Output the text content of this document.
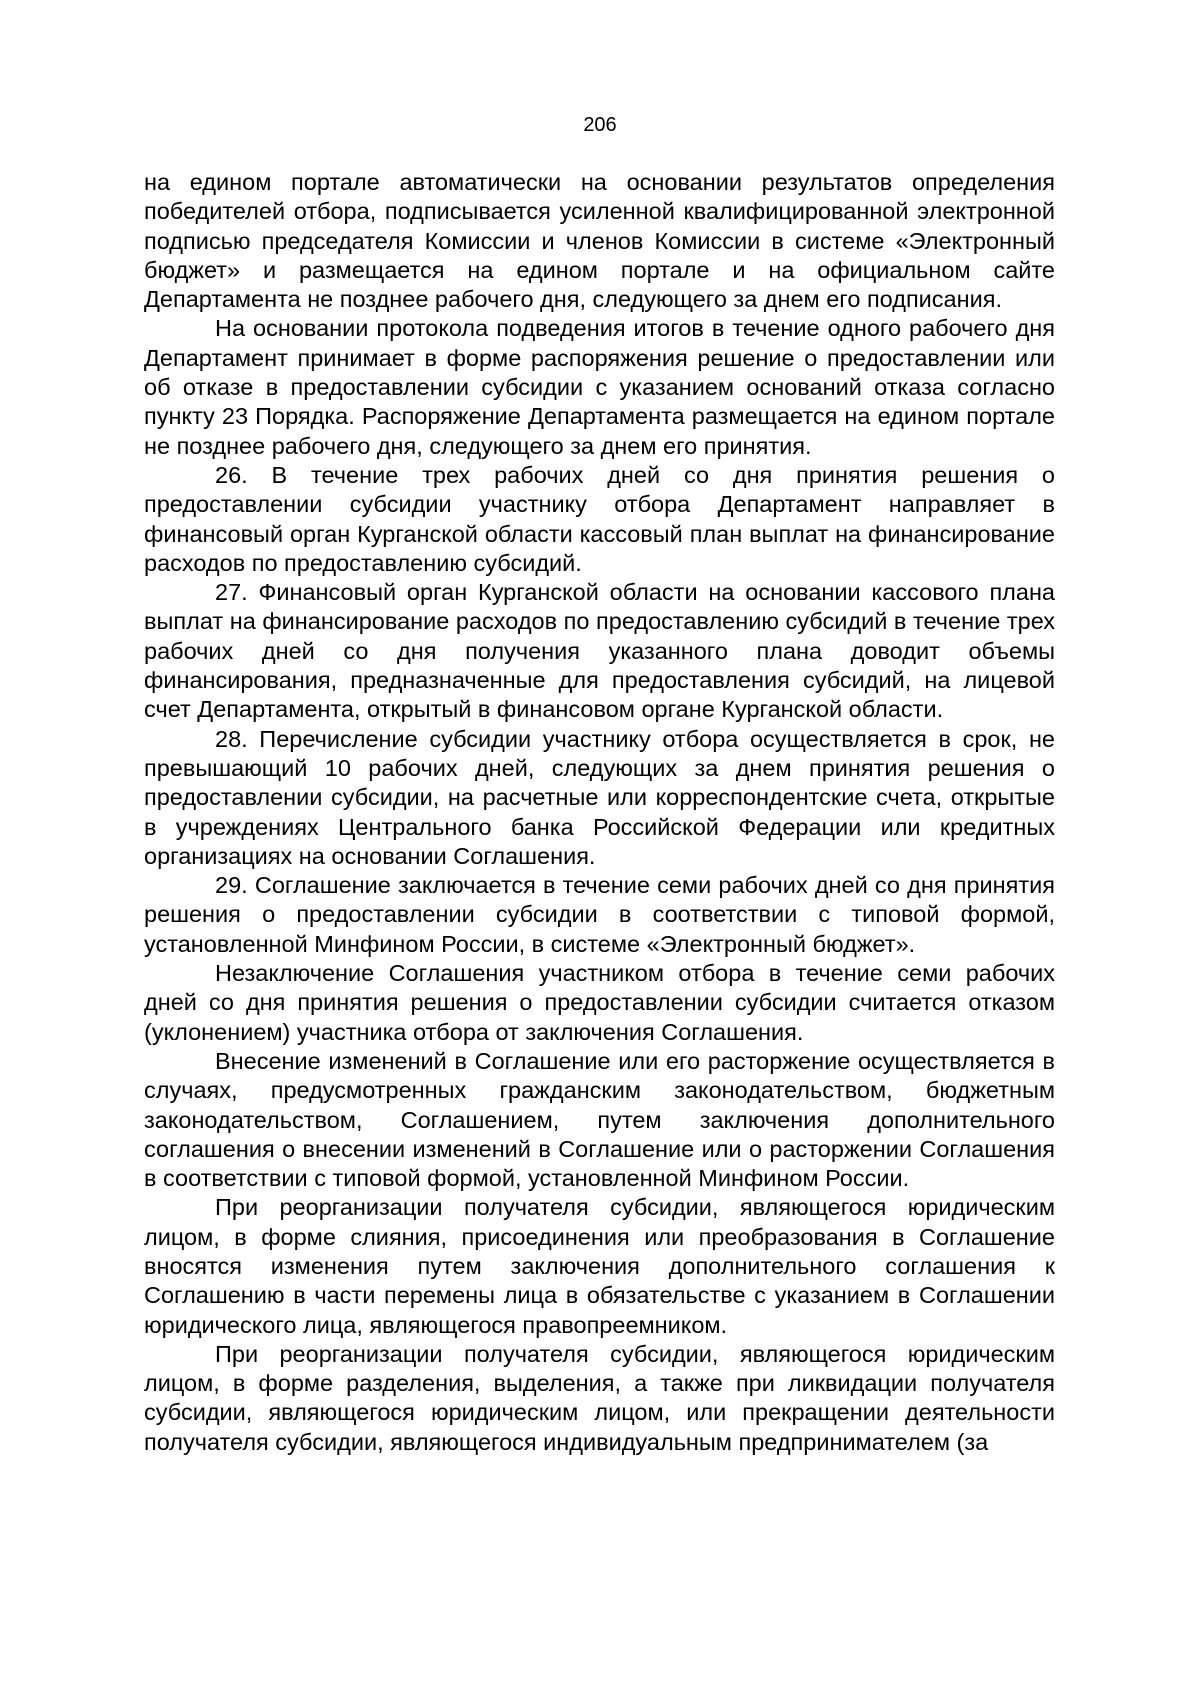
206

на едином портале автоматически на основании результатов определения победителей отбора, подписывается усиленной квалифицированной электронной подписью председателя Комиссии и членов Комиссии в системе «Электронный бюджет» и размещается на едином портале и на официальном сайте Департамента не позднее рабочего дня, следующего за днем его подписания.

На основании протокола подведения итогов в течение одного рабочего дня Департамент принимает в форме распоряжения решение о предоставлении или об отказе в предоставлении субсидии с указанием оснований отказа согласно пункту 23 Порядка. Распоряжение Департамента размещается на едином портале не позднее рабочего дня, следующего за днем его принятия.

26. В течение трех рабочих дней со дня принятия решения о предоставлении субсидии участнику отбора Департамент направляет в финансовый орган Курганской области кассовый план выплат на финансирование расходов по предоставлению субсидий.

27. Финансовый орган Курганской области на основании кассового плана выплат на финансирование расходов по предоставлению субсидий в течение трех рабочих дней со дня получения указанного плана доводит объемы финансирования, предназначенные для предоставления субсидий, на лицевой счет Департамента, открытый в финансовом органе Курганской области.

28. Перечисление субсидии участнику отбора осуществляется в срок, не превышающий 10 рабочих дней, следующих за днем принятия решения о предоставлении субсидии, на расчетные или корреспондентские счета, открытые в учреждениях Центрального банка Российской Федерации или кредитных организациях на основании Соглашения.

29. Соглашение заключается в течение семи рабочих дней со дня принятия решения о предоставлении субсидии в соответствии с типовой формой, установленной Минфином России, в системе «Электронный бюджет».

Незаключение Соглашения участником отбора в течение семи рабочих дней со дня принятия решения о предоставлении субсидии считается отказом (уклонением) участника отбора от заключения Соглашения.

Внесение изменений в Соглашение или его расторжение осуществляется в случаях, предусмотренных гражданским законодательством, бюджетным законодательством, Соглашением, путем заключения дополнительного соглашения о внесении изменений в Соглашение или о расторжении Соглашения в соответствии с типовой формой, установленной Минфином России.

При реорганизации получателя субсидии, являющегося юридическим лицом, в форме слияния, присоединения или преобразования в Соглашение вносятся изменения путем заключения дополнительного соглашения к Соглашению в части перемены лица в обязательстве с указанием в Соглашении юридического лица, являющегося правопреемником.

При реорганизации получателя субсидии, являющегося юридическим лицом, в форме разделения, выделения, а также при ликвидации получателя субсидии, являющегося юридическим лицом, или прекращении деятельности получателя субсидии, являющегося индивидуальным предпринимателем (за
